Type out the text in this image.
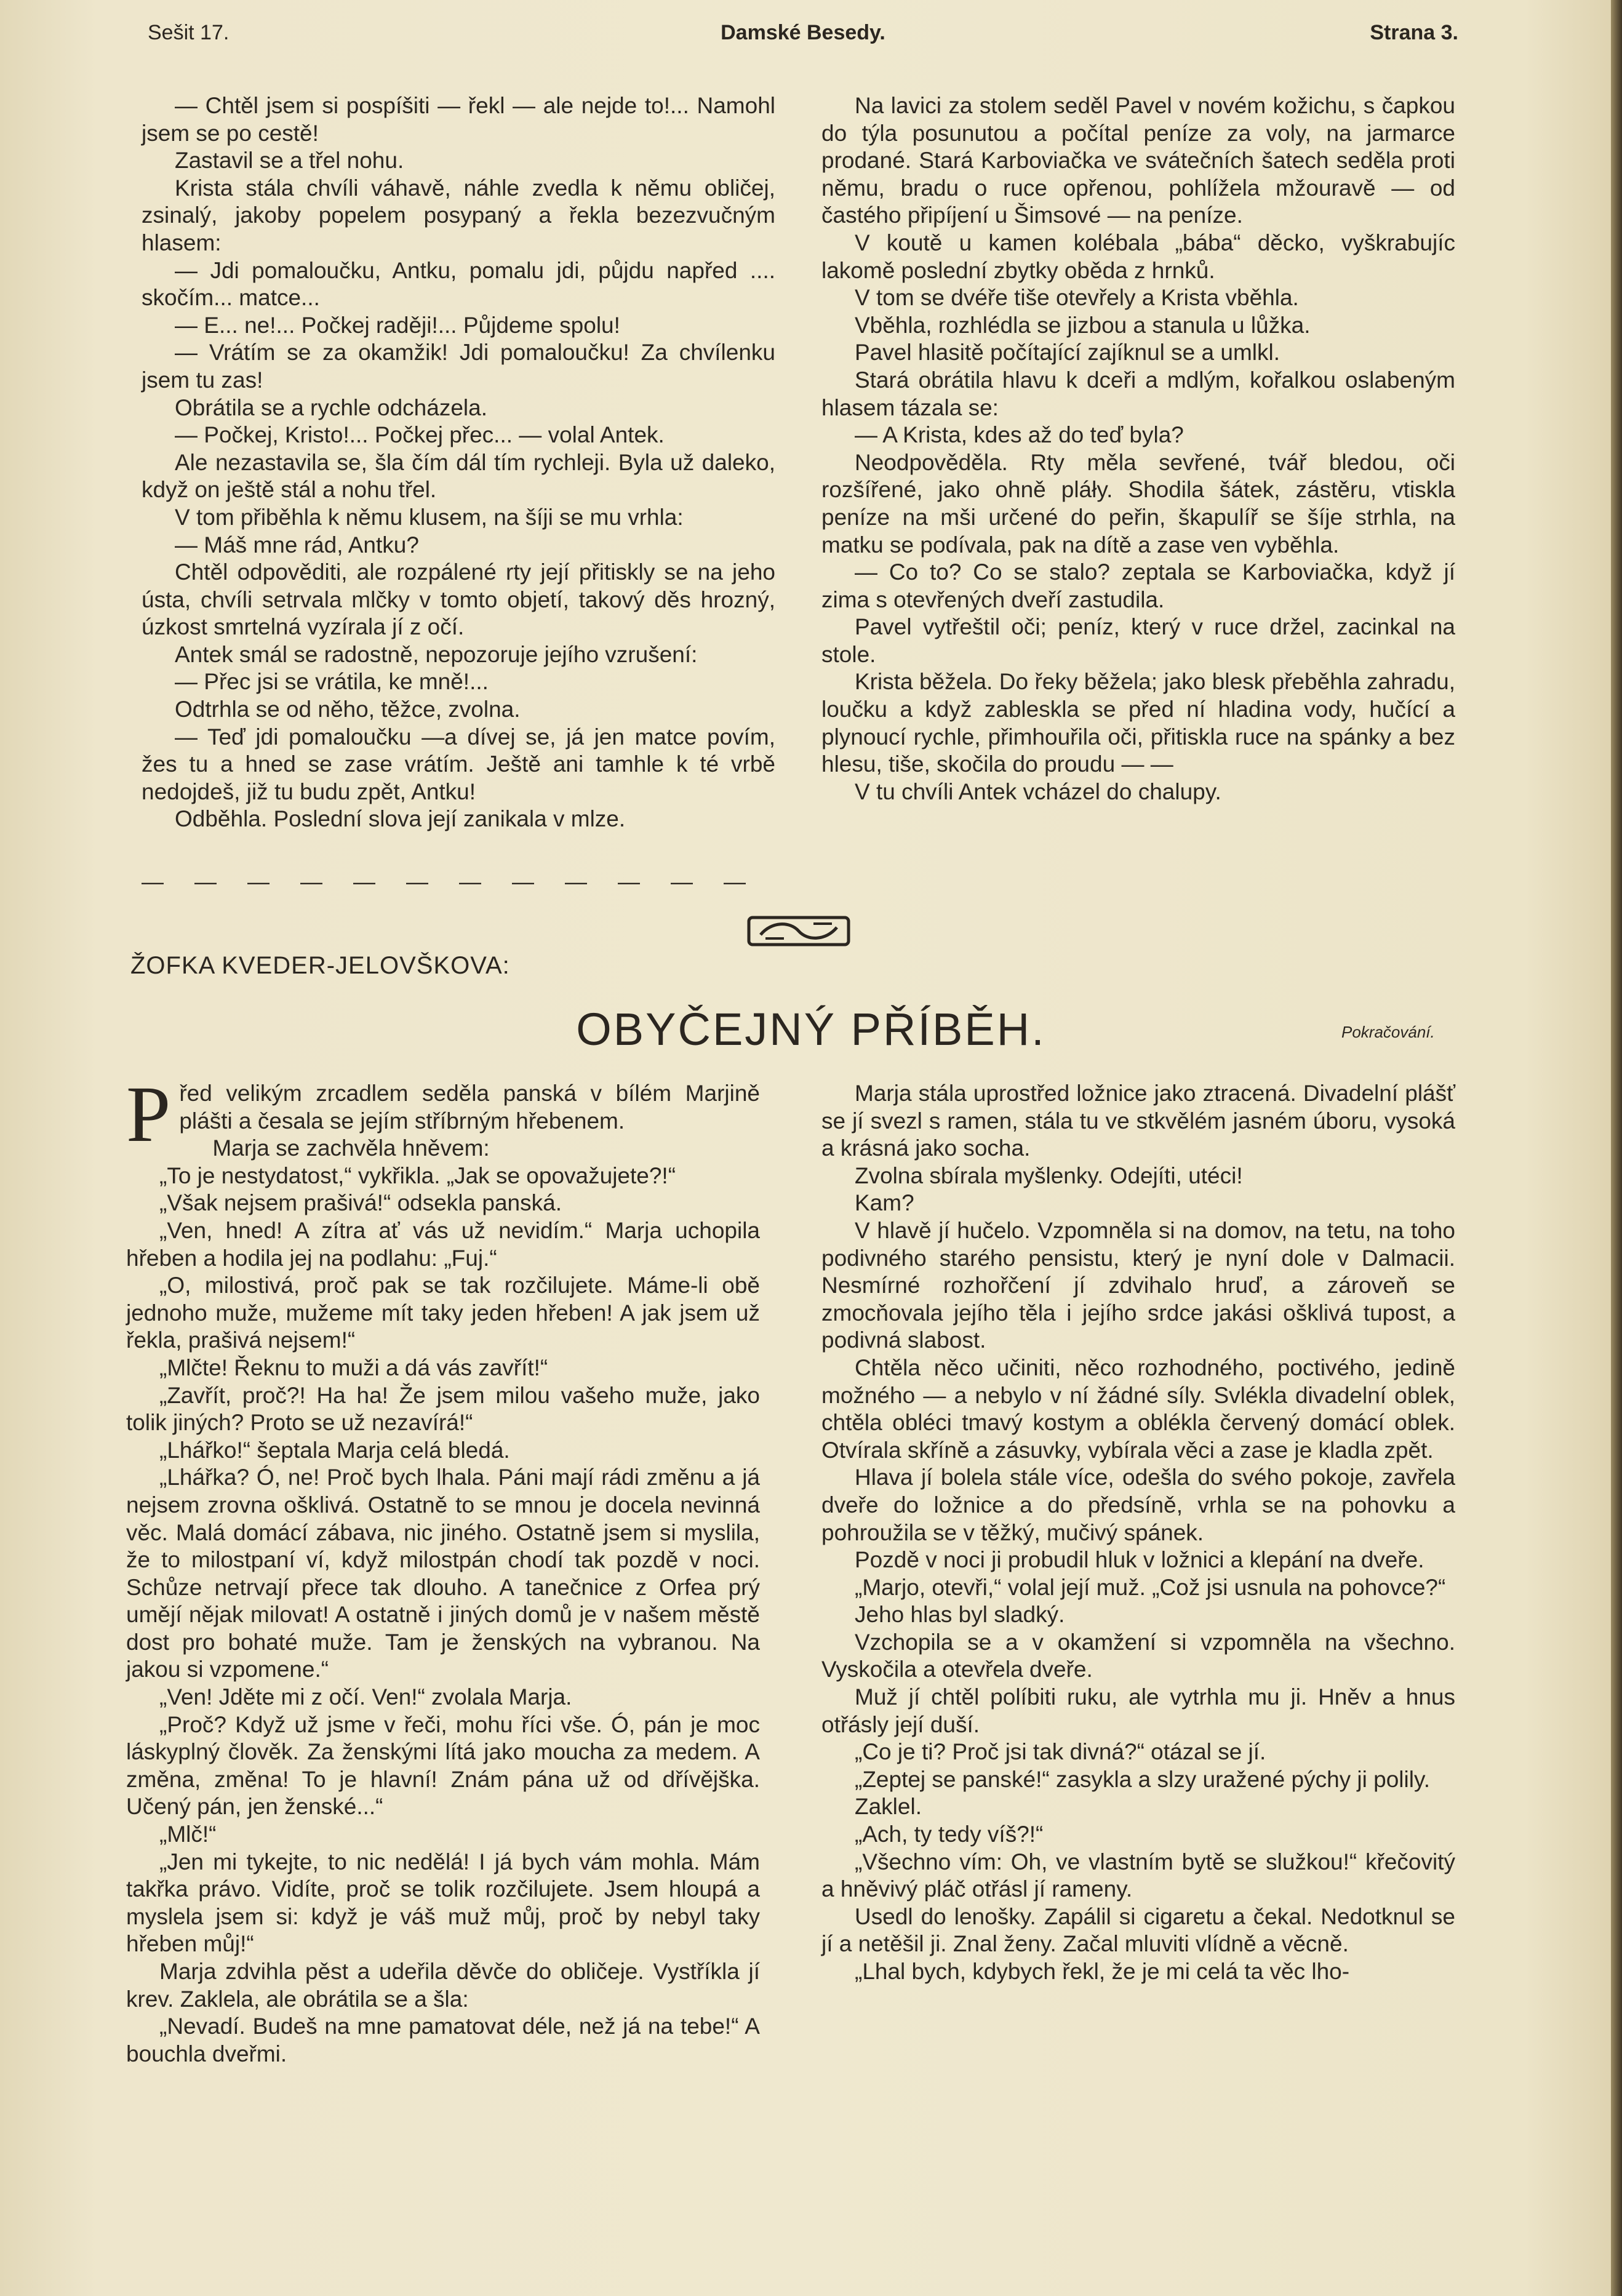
Sešit 17.	Damské Besedy.	Strana 3.

— Chtěl jsem si pospíšiti — řekl — ale nejde to!... Namohl jsem se po cestě!

Zastavil se a třel nohu.

Krista stála chvíli váhavě, náhle zvedla k němu obličej, zsinalý, jakoby popelem posypaný a řekla bezezvučným hlasem:

— Jdi pomaloučku, Antku, pomalu jdi, půjdu napřed .... skočím... matce...

— E... ne!... Počkej raději!... Půjdeme spolu!

— Vrátím se za okamžik! Jdi pomaloučku! Za chvílenku jsem tu zas!

Obrátila se a rychle odcházela.

— Počkej, Kristo!... Počkej přec... — volal Antek.

Ale nezastavila se, šla čím dál tím rychleji. Byla už daleko, když on ještě stál a nohu třel.

V tom přiběhla k němu klusem, na šíji se mu vrhla:

— Máš mne rád, Antku?

Chtěl odpověditi, ale rozpálené rty její přitiskly se na jeho ústa, chvíli setrvala mlčky v tomto objetí, takový děs hrozný, úzkost smrtelná vyzírala jí z očí.

Antek smál se radostně, nepozoruje jejího vzrušení:

— Přec jsi se vrátila, ke mně!...

Odtrhla se od něho, těžce, zvolna.

— Teď jdi pomaloučku —a dívej se, já jen matce povím, žes tu a hned se zase vrátím. Ještě ani tamhle k té vrbě nedojdeš, již tu budu zpět, Antku!

Odběhla. Poslední slova její zanikala v mlze.

— — — — — — — — — — — —

Na lavici za stolem seděl Pavel v novém kožichu, s čapkou do týla posunutou a počítal peníze za voly, na jarmarce prodané. Stará Karboviačka ve svátečních šatech seděla proti němu, bradu o ruce opřenou, pohlížela mžouravě — od častého připíjení u Šimsové — na peníze.

V koutě u kamen kolébala „bába“ děcko, vyškrabujíc lakomě poslední zbytky oběda z hrnků.

V tom se dvéře tiše otevřely a Krista vběhla.

Vběhla, rozhlédla se jizbou a stanula u lůžka.

Pavel hlasitě počítající zajíknul se a umlkl.

Stará obrátila hlavu k dceři a mdlým, kořalkou oslabeným hlasem tázala se:

— A Krista, kdes až do teď byla?

Neodpověděla. Rty měla sevřené, tvář bledou, oči rozšířené, jako ohně pláły. Shodila šátek, zástěru, vtiskla peníze na mši určené do peřin, škapulíř se šíje strhla, na matku se podívala, pak na dítě a zase ven vyběhla.

— Co to? Co se stalo? zeptala se Karboviačka, když jí zima s otevřených dveří zastudila.

Pavel vytřeštil oči; peníz, který v ruce držel, zacinkal na stole.

Krista běžela. Do řeky běžela; jako blesk přeběhla zahradu, loučku a když zableskla se před ní hladina vody, hučící a plynoucí rychle, přimhouřila oči, přitiskla ruce na spánky a bez hlesu, tiše, skočila do proudu — —

V tu chvíli Antek vcházel do chalupy.

ŽOFKA KVEDER-JELOVŠKOVA:
OBYČEJNÝ PŘÍBĚH.	Pokračování.

Před velikým zrcadlem seděla panská v bílém Marjině plášti a česala se jejím stříbrným hřebenem.

Marja se zachvěla hněvem:

„To je nestydatost,“ vykřikla. „Jak se opovažujete?!“

„Však nejsem prašivá!“ odsekla panská.

„Ven, hned! A zítra ať vás už nevidím.“ Marja uchopila hřeben a hodila jej na podlahu: „Fuj.“

„O, milostivá, proč pak se tak rozčilujete. Máme-li obě jednoho muže, mužeme mít taky jeden hřeben! A jak jsem už řekla, prašivá nejsem!“

„Mlčte! Řeknu to muži a dá vás zavřít!“

„Zavřít, proč?! Ha ha! Že jsem milou vašeho muže, jako tolik jiných? Proto se už nezavírá!“

„Lhářko!“ šeptala Marja celá bledá.

„Lhářka? Ó, ne! Proč bych lhala. Páni mají rádi změnu a já nejsem zrovna ošklivá. Ostatně to se mnou je docela nevinná věc. Malá domácí zábava, nic jiného. Ostatně jsem si myslila, že to milostpaní ví, když milostpán chodí tak pozdě v noci. Schůze netrvají přece tak dlouho. A tanečnice z Orfea prý umějí nějak milovat! A ostatně i jiných domů je v našem městě dost pro bohaté muže. Tam je ženských na vybranou. Na jakou si vzpomene.“

„Ven! Jděte mi z očí. Ven!“ zvolala Marja.

„Proč? Když už jsme v řeči, mohu říci vše. Ó, pán je moc láskyplný člověk. Za ženskými lítá jako moucha za medem. A změna, změna! To je hlavní! Znám pána už od dřívějška. Učený pán, jen ženské...“

„Mlč!“

„Jen mi tykejte, to nic nedělá! I já bych vám mohla. Mám takřka právo. Vidíte, proč se tolik rozčilujete. Jsem hloupá a myslela jsem si: když je váš muž můj, proč by nebyl taky hřeben můj!“

Marja zdvihla pěst a udeřila děvče do obličeje. Vystříkla jí krev. Zaklela, ale obrátila se a šla:

„Nevadí. Budeš na mne pamatovat déle, než já na tebe!“ A bouchla dveřmi.

Marja stála uprostřed ložnice jako ztracená. Divadelní plášť se jí svezl s ramen, stála tu ve stkvělém jasném úboru, vysoká a krásná jako socha.

Zvolna sbírala myšlenky. Odejíti, utéci!

Kam?

V hlavě jí hučelo. Vzpomněla si na domov, na tetu, na toho podivného starého pensistu, který je nyní dole v Dalmacii. Nesmírné rozhořčení jí zdvihalo hruď, a zároveň se zmocňovala jejího těla i jejího srdce jakási ošklivá tupost, a podivná slabost.

Chtěla něco učiniti, něco rozhodného, poctivého, jedině možného — a nebylo v ní žádné síly. Svlékla divadelní oblek, chtěla obléci tmavý kostym a oblékla červený domácí oblek. Otvírala skříně a zásuvky, vybírala věci a zase je kladla zpět.

Hlava jí bolela stále více, odešla do svého pokoje, zavřela dveře do ložnice a do předsíně, vrhla se na pohovku a pohroužila se v těžký, mučivý spánek.

Pozdě v noci ji probudil hluk v ložnici a klepání na dveře.

„Marjo, otevři,“ volal její muž. „Což jsi usnula na pohovce?“

Jeho hlas byl sladký.

Vzchopila se a v okamžení si vzpomněla na všechno. Vyskočila a otevřela dveře.

Muž jí chtěl políbiti ruku, ale vytrhla mu ji. Hněv a hnus otřásly její duší.

„Co je ti? Proč jsi tak divná?“ otázal se jí.

„Zeptej se panské!“ zasykla a slzy uražené pýchy ji polily.

Zaklel.

„Ach, ty tedy víš?!“

„Všechno vím: Oh, ve vlastním bytě se služkou!“ křečovitý a hněvivý pláč otřásl jí rameny.

Usedl do lenošky. Zapálil si cigaretu a čekal. Nedotknul se jí a netěšil ji. Znal ženy. Začal mluviti vlídně a věcně.

„Lhal bych, kdybych řekl, že je mi celá ta věc lho-
